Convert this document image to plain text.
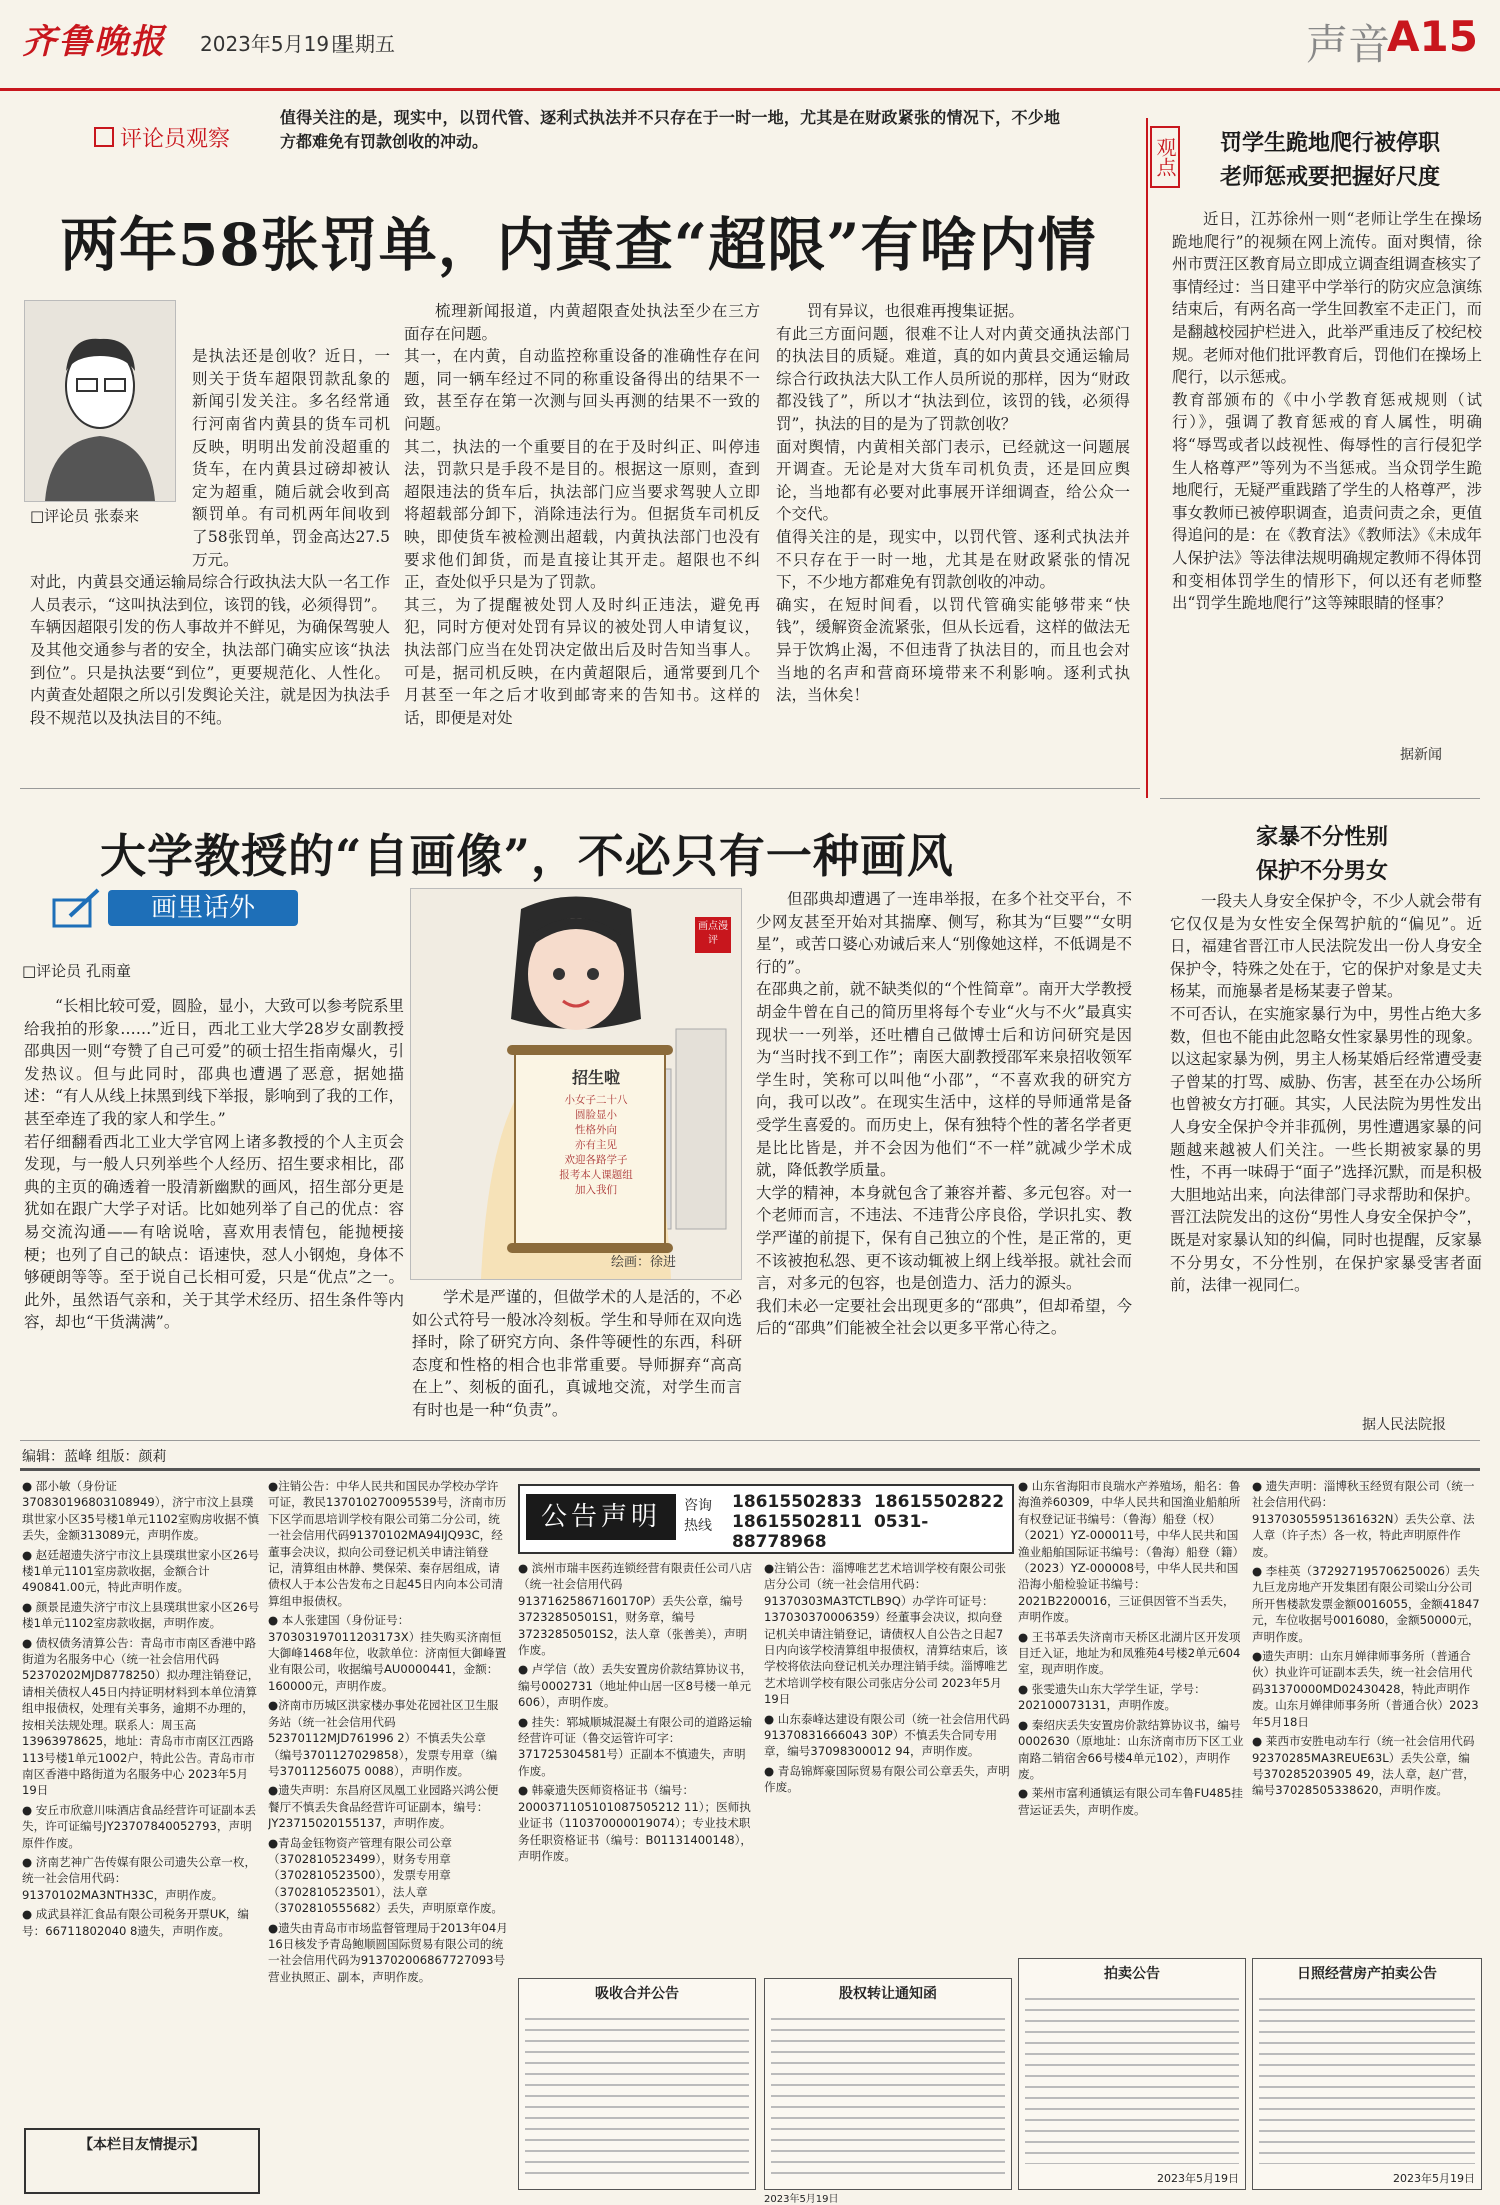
齐鲁晚报 2023年5月19日
星期五	声音
A15
值得关注的是，现实中，以罚代管、逐利式执法并不只存在于一时一地，尤其是在财政紧张的情况下，不少地方都难免有罚款创收的冲动。
评论员观察
两年58张罚单，内黄查“超限”有啥内情
□评论员 张泰来

是执法还是创收？近日，一则关于货车超限罚款乱象的新闻引发关注。多名经常通行河南省内黄县的货车司机反映，明明出发前没超重的货车，在内黄县过磅却被认定为超重，随后就会收到高额罚单。有司机两年间收到了58张罚单，罚金高达27.5万元。
对此，内黄县交通运输局综合行政执法大队一名工作人员表示，“这叫执法到位，该罚的钱，必须得罚”。
车辆因超限引发的伤人事故并不鲜见，为确保驾驶人及其他交通参与者的安全，执法部门确实应该“执法到位”。只是执法要“到位”，更要规范化、人性化。内黄查处超限之所以引发舆论关注，就是因为执法手段不规范以及执法目的不纯。

梳理新闻报道，内黄超限查处执法至少在三方面存在问题。
其一，在内黄，自动监控称重设备的准确性存在问题，同一辆车经过不同的称重设备得出的结果不一致，甚至存在第一次测与回头再测的结果不一致的问题。
其二，执法的一个重要目的在于及时纠正、叫停违法，罚款只是手段不是目的。根据这一原则，查到超限违法的货车后，执法部门应当要求驾驶人立即将超载部分卸下，消除违法行为。但据货车司机反映，即使货车被检测出超载，内黄执法部门也没有要求他们卸货，而是直接让其开走。超限也不纠正，查处似乎只是为了罚款。
其三，为了提醒被处罚人及时纠正违法，避免再犯，同时方便对处罚有异议的被处罚人申请复议，执法部门应当在处罚决定做出后及时告知当事人。可是，据司机反映，在内黄超限后，通常要到几个月甚至一年之后才收到邮寄来的告知书。这样的话，即便是对处
罚有异议，也很难再搜集证据。
有此三方面问题，很难不让人对内黄交通执法部门的执法目的质疑。难道，真的如内黄县交通运输局综合行政执法大队工作人员所说的那样，因为“财政都没钱了”，所以才“执法到位，该罚的钱，必须得罚”，执法的目的是为了罚款创收？
面对舆情，内黄相关部门表示，已经就这一问题展开调查。无论是对大货车司机负责，还是回应舆论，当地都有必要对此事展开详细调查，给公众一个交代。
值得关注的是，现实中，以罚代管、逐利式执法并不只存在于一时一地，尤其是在财政紧张的情况下，不少地方都难免有罚款创收的冲动。
确实，在短时间看，以罚代管确实能够带来“快钱”，缓解资金流紧张，但从长远看，这样的做法无异于饮鸩止渴，不但违背了执法目的，而且也会对当地的名声和营商环境带来不利影响。逐利式执法，当休矣！
观点	罚学生跪地爬行被停职
老师惩戒要把握好尺度
近日，江苏徐州一则“老师让学生在操场跪地爬行”的视频在网上流传。面对舆情，徐州市贾汪区教育局立即成立调查组调查核实了事情经过：当日建平中学举行的防灾应急演练结束后，有两名高一学生回教室不走正门，而是翻越校园护栏进入，此举严重违反了校纪校规。老师对他们批评教育后，罚他们在操场上爬行，以示惩戒。
教育部颁布的《中小学教育惩戒规则（试行）》，强调了教育惩戒的育人属性，明确将“辱骂或者以歧视性、侮辱性的言行侵犯学生人格尊严”等列为不当惩戒。当众罚学生跪地爬行，无疑严重践踏了学生的人格尊严，涉事女教师已被停职调查，追责问责之余，更值得追问的是：在《教育法》《教师法》《未成年人保护法》等法律法规明确规定教师不得体罚和变相体罚学生的情形下，何以还有老师整出“罚学生跪地爬行”这等辣眼睛的怪事？
据新闻
大学教授的“自画像”，不必只有一种画风
画里话外
□评论员 孔雨童
“长相比较可爱，圆脸，显小，大致可以参考院系里给我拍的形象……”近日，西北工业大学28岁女副教授邵典因一则“夸赞了自己可爱”的硕士招生指南爆火，引发热议。但与此同时，邵典也遭遇了恶意，据她描述：“有人从线上抹黑到线下举报，影响到了我的工作，甚至牵连了我的家人和学生。”
若仔细翻看西北工业大学官网上诸多教授的个人主页会发现，与一般人只列举些个人经历、招生要求相比，邵典的主页的确透着一股清新幽默的画风，招生部分更是犹如在跟广大学子对话。比如她列举了自己的优点：容易交流沟通——有啥说啥，喜欢用表情包，能抛梗接梗；也列了自己的缺点：语速快，怼人小钢炮，身体不够硬朗等等。至于说自己长相可爱，只是“优点”之一。此外，虽然语气亲和，关于其学术经历、招生条件等内容，却也“干货满满”。
招生啦
小女子二十八
圆脸显小
性格外向
亦有主见
欢迎各路学子
报考本人课题组
加入我们
画点漫评
绘画：徐进
学术是严谨的，但做学术的人是活的，不必如公式符号一般冰冷刻板。学生和导师在双向选择时，除了研究方向、条件等硬性的东西，科研态度和性格的相合也非常重要。导师摒弃“高高在上”、刻板的面孔，真诚地交流，对学生而言有时也是一种“负责”。
但邵典却遭遇了一连串举报，在多个社交平台，不少网友甚至开始对其揣摩、侧写，称其为“巨婴”“女明星”，或苦口婆心劝诫后来人“别像她这样，不低调是不行的”。
在邵典之前，就不缺类似的“个性简章”。南开大学教授胡金牛曾在自己的简历里将每个专业“火与不火”最真实现状一一列举，还吐槽自己做博士后和访问研究是因为“当时找不到工作”；南医大副教授邵军来泉招收领军学生时，笑称可以叫他“小邵”，“不喜欢我的研究方向，我可以改”。在现实生活中，这样的导师通常是备受学生喜爱的。而历史上，保有独特个性的著名学者更是比比皆是，并不会因为他们“不一样”就减少学术成就，降低教学质量。
大学的精神，本身就包含了兼容并蓄、多元包容。对一个老师而言，不违法、不违背公序良俗，学识扎实、教学严谨的前提下，保有自己独立的个性，是正常的，更不该被抱私怨、更不该动辄被上纲上线举报。就社会而言，对多元的包容，也是创造力、活力的源头。
我们未必一定要社会出现更多的“邵典”，但却希望，今后的“邵典”们能被全社会以更多平常心待之。
家暴不分性别
保护不分男女
一段夫人身安全保护令，不少人就会带有它仅仅是为女性安全保驾护航的“偏见”。近日，福建省晋江市人民法院发出一份人身安全保护令，特殊之处在于，它的保护对象是丈夫杨某，而施暴者是杨某妻子曾某。
不可否认，在实施家暴行为中，男性占绝大多数，但也不能由此忽略女性家暴男性的现象。以这起家暴为例，男主人杨某婚后经常遭受妻子曾某的打骂、威胁、伤害，甚至在办公场所也曾被女方打砸。其实，人民法院为男性发出人身安全保护令并非孤例，男性遭遇家暴的问题越来越被人们关注。一些长期被家暴的男性，不再一味碍于“面子”选择沉默，而是积极大胆地站出来，向法律部门寻求帮助和保护。
晋江法院发出的这份“男性人身安全保护令”，既是对家暴认知的纠偏，同时也提醒，反家暴不分男女，不分性别，在保护家暴受害者面前，法律一视同仁。
据人民法院报
编辑：蓝峰 组版：颜莉

● 邵小敏（身份证370830196803108949），济宁市汶上县璞琪世家小区35号楼1单元1102室购房收据不慎丢失，金额313089元，声明作废。

● 赵廷超遗失济宁市汶上县璞琪世家小区26号楼1单元1101室房款收据，金额合计490841.00元，特此声明作废。

● 颜景昆遗失济宁市汶上县璞琪世家小区26号楼1单元1102室房款收据，声明作废。

● 债权债务清算公告：青岛市市南区香港中路街道为名服务中心（统一社会信用代码52370202MJD8778250）拟办理注销登记，请相关债权人45日内持证明材料到本单位清算组申报债权，处理有关事务，逾期不办理的，按相关法规处理。联系人：周玉高13963978625，地址：青岛市市南区江西路113号楼1单元1002户，特此公告。青岛市市南区香港中路街道为名服务中心 2023年5月19日

● 安丘市欣意川味酒店食品经营许可证副本丢失，许可证编号JY23707840052793，声明原件作废。

● 济南艺神广告传媒有限公司遗失公章一枚，统一社会信用代码：91370102MA3NTH33C，声明作废。

● 成武县祥汇食品有限公司税务开票UK，编号：66711802040 8遗失，声明作废。

【本栏目友情提示】

●注销公告：中华人民共和国民办学校办学许可证，教民137010270095539号，济南市历下区学而思培训学校有限公司第二分公司，统一社会信用代码91370102MA94IJQ93C，经董事会决议，拟向公司登记机关申请注销登记，清算组由林静、樊保荣、秦存居组成，请债权人于本公告发布之日起45日内向本公司清算组申报债权。

● 本人张建国（身份证号：370303197011203173X）挂失购买济南恒大御峰1468年位，收款单位：济南恒大御峰置业有限公司，收据编号AU0000441，金额：160000元，声明作废。

●济南市历城区洪家楼办事处花园社区卫生服务站（统一社会信用代码52370112MJD761996 2）不慎丢失公章（编号3701127029858），发票专用章（编号37011256075 0088），声明作废。

●遗失声明：东昌府区凤凰工业园路兴鸿公便餐厅不慎丢失食品经营许可证副本，编号：JY23715020155137，声明作废。

●青岛金钰物资产管理有限公司公章（3702810523499），财务专用章（3702810523500），发票专用章（3702810523501），法人章（3702810555682）丢失，声明原章作废。

●遗失由青岛市市场监督管理局于2013年04月16日核发予青岛鲍顺圆国际贸易有限公司的统一社会信用代码为913702006867727093号营业执照正、副本，声明作废。

公告声明	咨询热线
18615502833 18615502822
18615502811 0531-88778968

● 滨州市瑞丰医药连锁经营有限责任公司八店（统一社会信用代码91371625867160170P）丢失公章，编号37232850501S1，财务章，编号37232850501S2，法人章（张善美），声明作废。

● 卢学信（故）丢失安置房价款结算协议书，编号0002731（地址仲山居一区8号楼一单元606），声明作废。

● 挂失：郓城顺城混凝土有限公司的道路运输经营许可证（鲁交运管许可字：371725304581号）正副本不慎遗失，声明作废。

● 韩豪遗失医师资格证书（编号：2000371105101087505212 11）；医师执业证书（110370000019074）；专业技术职务任职资格证书（编号：B01131400148），声明作废。

●注销公告：淄博唯艺艺术培训学校有限公司张店分公司（统一社会信用代码：91370303MA3TCTLB9Q）办学许可证号：137030370006359）经董事会决议，拟向登记机关申请注销登记，请债权人自公告之日起7日内向该学校清算组申报债权，清算结束后，该学校将依法向登记机关办理注销手续。淄博唯艺艺术培训学校有限公司张店分公司 2023年5月19日

● 山东泰峰达建设有限公司（统一社会信用代码91370831666043 30P）不慎丢失合同专用章，编号37098300012 94，声明作废。

● 青岛锦辉豪国际贸易有限公司公章丢失，声明作废。

吸收合并公告	股权转让通知函

● 山东省海阳市良瑞水产养殖场，船名：鲁海渔养60309，中华人民共和国渔业船舶所有权登记证书编号：（鲁海）船登（权）（2021）YZ-000011号，中华人民共和国渔业船舶国际证书编号：（鲁海）船登（籍）（2023）YZ-000008号，中华人民共和国沿海小船检验证书编号：2021B2200016，三证俱因管不当丢失，声明作废。

● 王书革丢失济南市天桥区北湖片区开发项目迁入证，地址为和凤雅苑4号楼2单元604室，现声明作废。

● 张雯遗失山东大学学生证，学号：202100073131，声明作废。

● 秦绍庆丢失安置房价款结算协议书，编号0002630（原地址：山东济南市历下区工业南路二销宿舍66号楼4单元102），声明作废。

● 莱州市富利通镇运有限公司车鲁FU485挂营运证丢失，声明作废。

● 遗失声明：淄博秋玉经贸有限公司（统一社会信用代码：913703055951361632N）丢失公章、法人章（许子杰）各一枚，特此声明原件作废。

● 李桂英（372927195706250026）丢失九巨龙房地产开发集团有限公司梁山分公司所开售楼款发票金额0016055，金额41847元，车位收据号0016080，金额50000元，声明作废。

●遗失声明：山东月婵律师事务所（普通合伙）执业许可证副本丢失，统一社会信用代码31370000MD02430428，特此声明作废。山东月婵律师事务所（普通合伙）2023年5月18日

● 莱西市安胜电动车行（统一社会信用代码92370285MA3REUE63L）丢失公章，编号370285203905 49，法人章，赵广营，编号37028505338620，声明作废。

拍卖公告
2023年5月19日
日照经营房产拍卖公告
2023年5月19日
2023年5月19日
